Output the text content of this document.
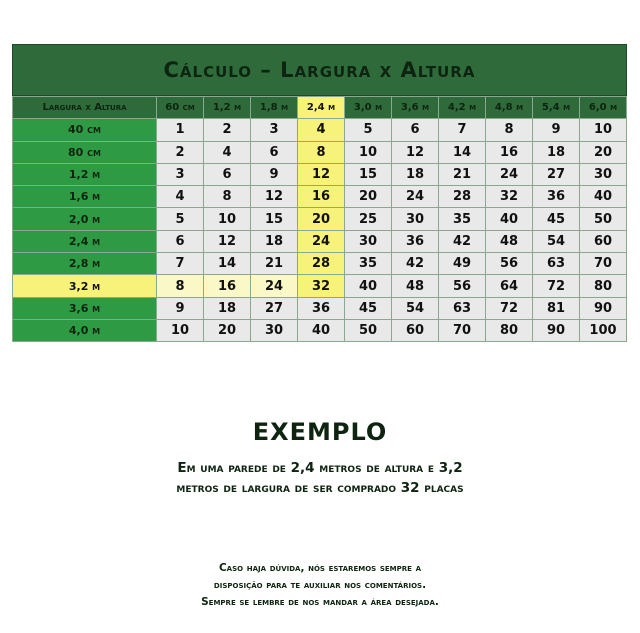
Cálculo – Largura x Altura
Largura x Altura	60 cm	1,2 m	1,8 m	2,4 m	3,0 m	3,6 m	4,2 m	4,8 m	5,4 m	6,0 m
40 cm	1	2	3	4	5	6	7	8	9	10
80 cm	2	4	6	8	10	12	14	16	18	20
1,2 m	3	6	9	12	15	18	21	24	27	30
1,6 m	4	8	12	16	20	24	28	32	36	40
2,0 m	5	10	15	20	25	30	35	40	45	50
2,4 m	6	12	18	24	30	36	42	48	54	60
2,8 m	7	14	21	28	35	42	49	56	63	70
3,2 m	8	16	24	32	40	48	56	64	72	80
3,6 m	9	18	27	36	45	54	63	72	81	90
4,0 m	10	20	30	40	50	60	70	80	90	100
EXEMPLO
Em uma parede de 2,4 metros de altura e 3,2
metros de largura de ser comprado 32 placas
Caso haja dúvida, nós estaremos sempre a
disposição para te auxiliar nos comentários.
Sempre se lembre de nos mandar a área desejada.
